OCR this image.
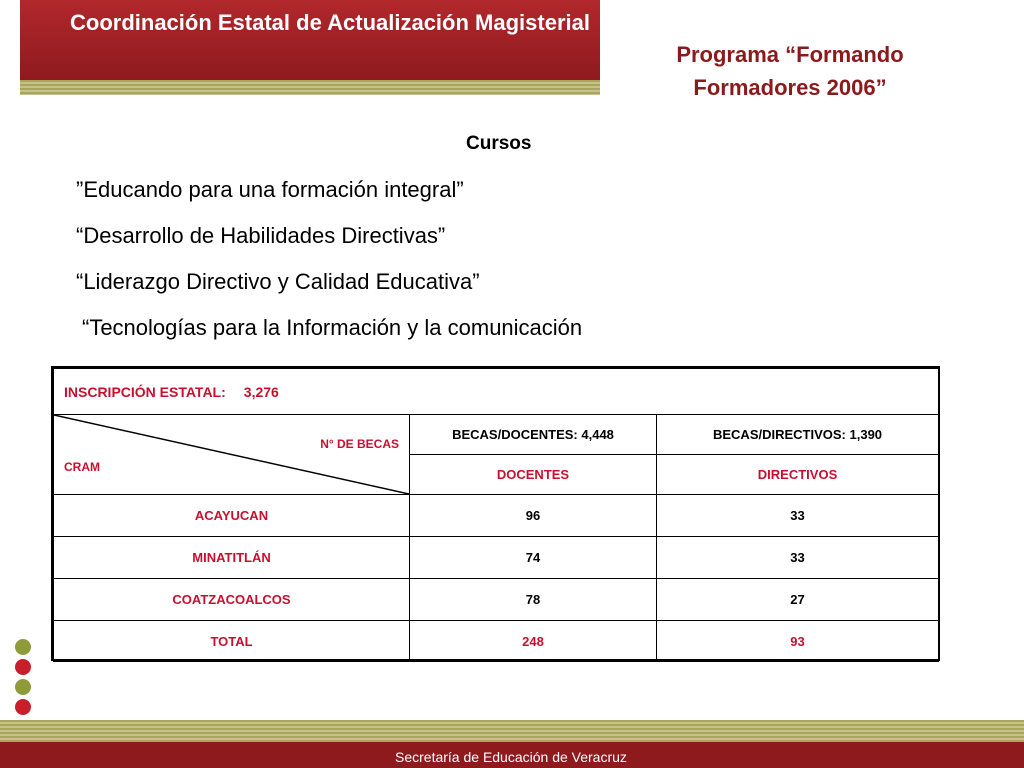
Coordinación Estatal de Actualización Magisterial
Programa “Formando Formadores 2006”
Cursos
”Educando para una formación integral”
“Desarrollo de Habilidades Directivas”
“Liderazgo Directivo y Calidad Educativa”
“Tecnologías para la Información y la comunicación
INSCRIPCIÓN ESTATAL: 3,276		

N° DE BECAS
CRAM	BECAS/DOCENTES: 4,448	BECAS/DIRECTIVOS: 1,390
	DOCENTES	DIRECTIVOS
ACAYUCAN	96	33
MINATITLÁN	74	33
COATZACOALCOS	78	27
TOTAL	248	93
Secretaría de Educación de Veracruz
